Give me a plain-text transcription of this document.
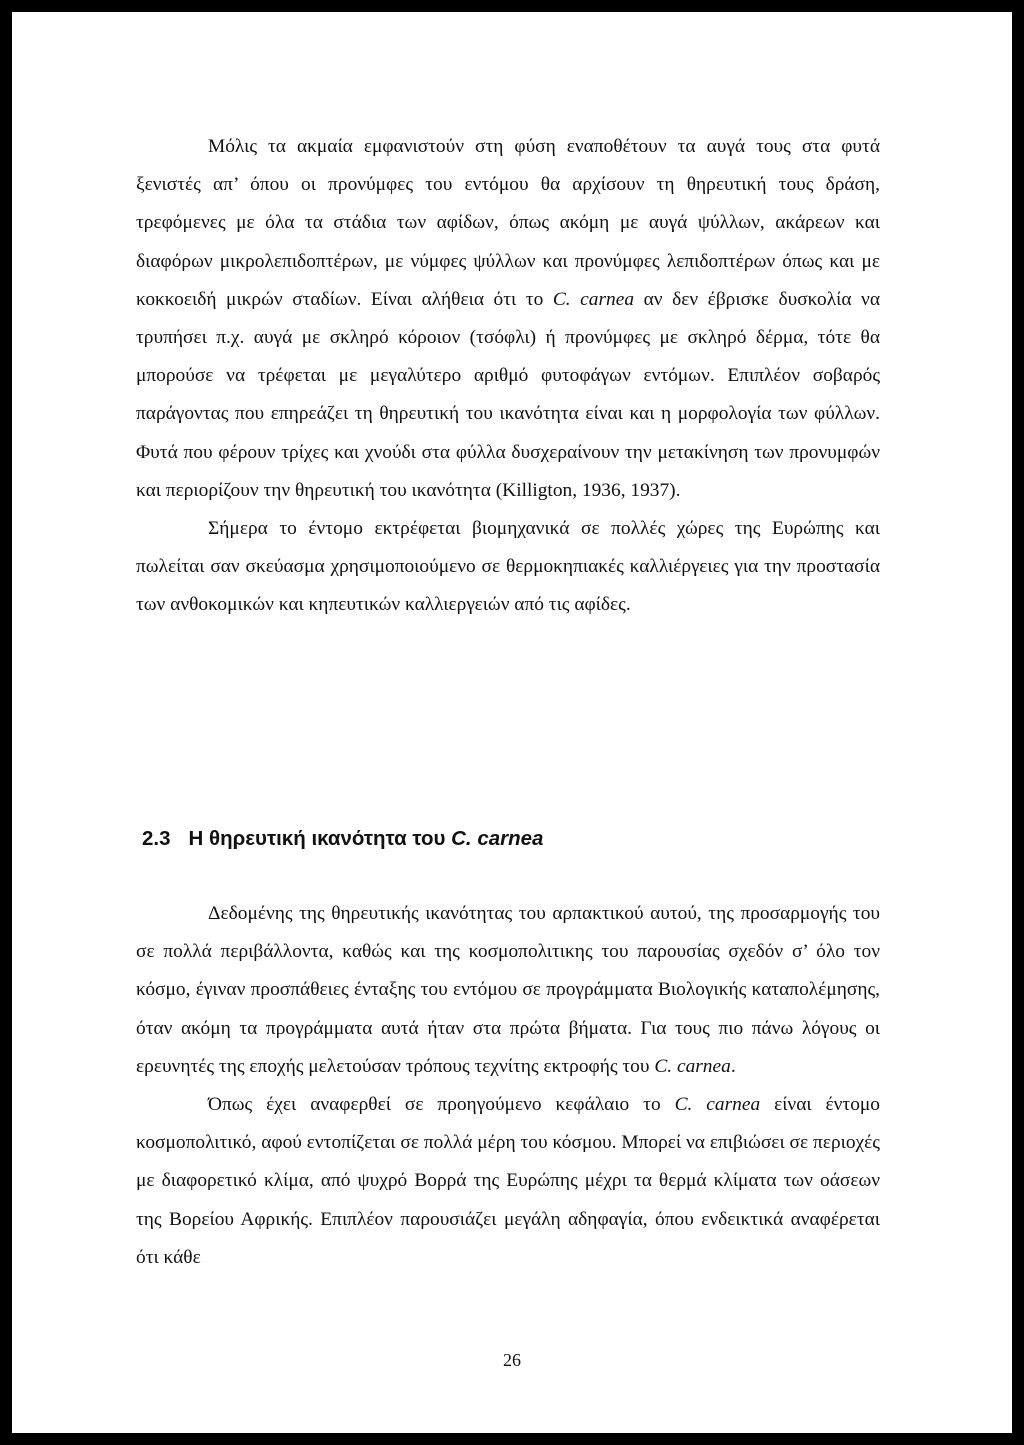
Μόλις τα ακμαία εμφανιστούν στη φύση εναποθέτουν τα αυγά τους στα φυτά ξενιστές απ’ όπου οι προνύμφες του εντόμου θα αρχίσουν τη θηρευτική τους δράση, τρεφόμενες με όλα τα στάδια των αφίδων, όπως ακόμη με αυγά ψύλλων, ακάρεων και διαφόρων μικρολεπιδοπτέρων, με νύμφες ψύλλων και προνύμφες λεπιδοπτέρων όπως και με κοκκοειδή μικρών σταδίων. Είναι αλήθεια ότι το C. carnea αν δεν έβρισκε δυσκολία να τρυπήσει π.χ. αυγά με σκληρό κόροιον (τσόφλι) ή προνύμφες με σκληρό δέρμα, τότε θα μπορούσε να τρέφεται με μεγαλύτερο αριθμό φυτοφάγων εντόμων. Επιπλέον σοβαρός παράγοντας που επηρεάζει τη θηρευτική του ικανότητα είναι και η μορφολογία των φύλλων. Φυτά που φέρουν τρίχες και χνούδι στα φύλλα δυσχεραίνουν την μετακίνηση των προνυμφών και περιορίζουν την θηρευτική του ικανότητα (Killigton, 1936, 1937).

Σήμερα το έντομο εκτρέφεται βιομηχανικά σε πολλές χώρες της Ευρώπης και πωλείται σαν σκεύασμα χρησιμοποιούμενο σε θερμοκηπιακές καλλιέργειες για την προστασία των ανθοκομικών και κηπευτικών καλλιεργειών από τις αφίδες.

2.3 Η θηρευτική ικανότητα του C. carnea

Δεδομένης της θηρευτικής ικανότητας του αρπακτικού αυτού, της προσαρμογής του σε πολλά περιβάλλοντα, καθώς και της κοσμοπολιτικης του παρουσίας σχεδόν σ’ όλο τον κόσμο, έγιναν προσπάθειες ένταξης του εντόμου σε προγράμματα Βιολογικής καταπολέμησης, όταν ακόμη τα προγράμματα αυτά ήταν στα πρώτα βήματα. Για τους πιο πάνω λόγους οι ερευνητές της εποχής μελετούσαν τρόπους τεχνίτης εκτροφής του C. carnea.

Όπως έχει αναφερθεί σε προηγούμενο κεφάλαιο το C. carnea είναι έντομο κοσμοπολιτικό, αφού εντοπίζεται σε πολλά μέρη του κόσμου. Μπορεί να επιβιώσει σε περιοχές με διαφορετικό κλίμα, από ψυχρό Βορρά της Ευρώπης μέχρι τα θερμά κλίματα των οάσεων της Βορείου Αφρικής. Επιπλέον παρουσιάζει μεγάλη αδηφαγία, όπου ενδεικτικά αναφέρεται ότι κάθε

26
